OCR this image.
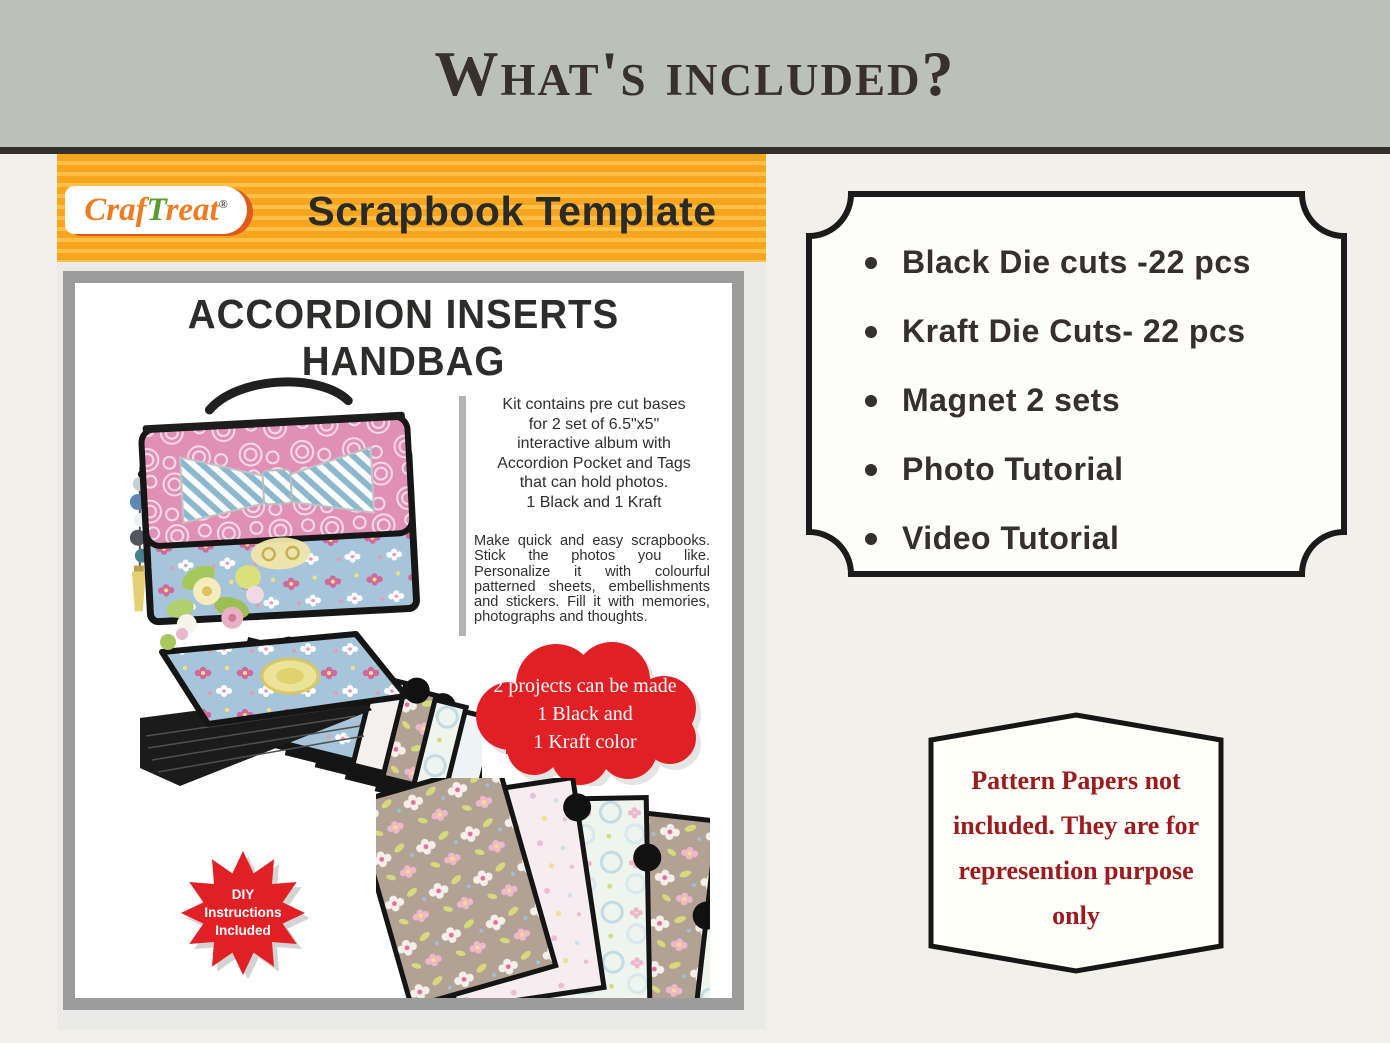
What's included?
CrafTreat®	Scrapbook Template
ACCORDION INSERTS HANDBAG
Kit contains pre cut bases
for 2 set of 6.5"x5"
interactive album with
Accordion Pocket and Tags
that can hold photos.
1 Black and 1 Kraft
Make quick and easy scrapbooks. Stick the photos you like. Personalize it with colourful patterned sheets, embellishments and stickers. Fill it with memories, photographs and thoughts.
2 projects can be made
1 Black and
1 Kraft color
DIY
Instructions
Included
Black Die cuts -22 pcs
Kraft Die Cuts- 22 pcs
Magnet 2 sets
Photo Tutorial
Video Tutorial
Pattern Papers not
included. They are for
represention purpose
only
